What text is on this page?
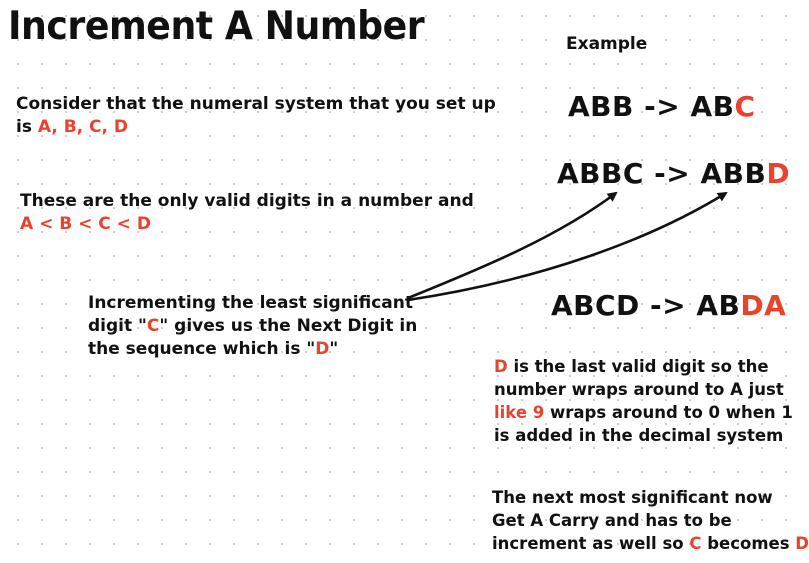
Increment A Number	Example
Consider that the numeral system that you set up
is A, B, C, D
These are the only valid digits in a number and
A < B < C < D
Incrementing the least significant
digit "C" gives us the Next Digit in
the sequence which is "D"
ABB -> ABC
ABBC -> ABBD
ABCD -> ABDA
D is the last valid digit so the
number wraps around to A just
like 9 wraps around to 0 when 1
is added in the decimal system
The next most significant now
Get A Carry and has to be
increment as well so C becomes D
